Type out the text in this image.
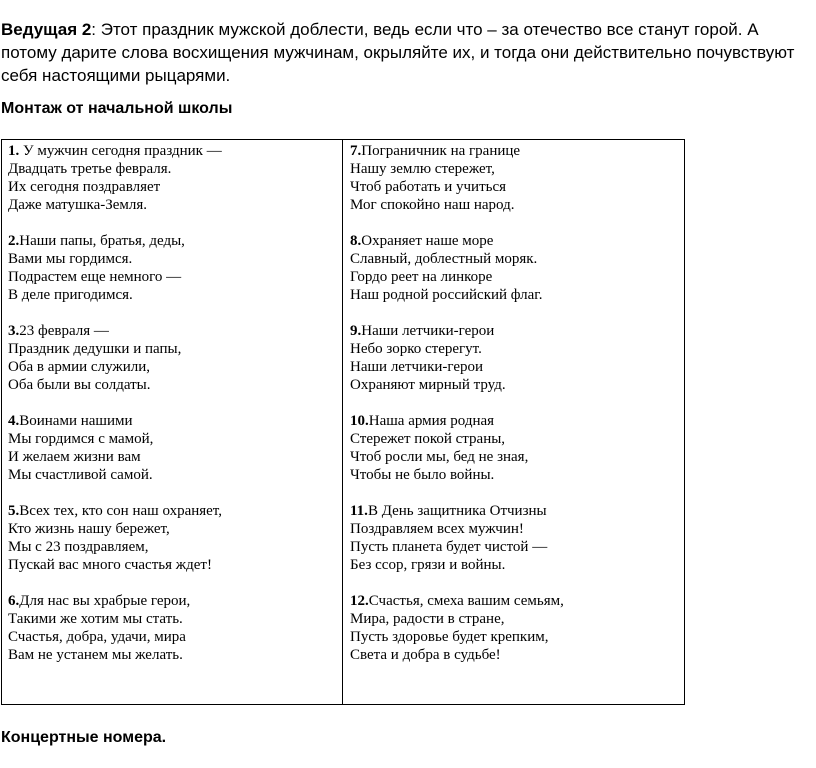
Ведущая 2: Этот праздник мужской доблести, ведь если что – за отечество все станут горой. А потому дарите слова восхищения мужчинам, окрыляйте их, и тогда они действительно почувствуют себя настоящими рыцарями.

Монтаж от начальной школы

1. У мужчин сегодня праздник —
Двадцать третье февраля.
Их сегодня поздравляет
Даже матушка-Земля.

2.Наши папы, братья, деды,
Вами мы гордимся.
Подрастем еще немного —
В деле пригодимся.

3.23 февраля —
Праздник дедушки и папы,
Оба в армии служили,
Оба были вы солдаты.

4.Воинами нашими
Мы гордимся с мамой,
И желаем жизни вам
Мы счастливой самой.

5.Всех тех, кто сон наш охраняет,
Кто жизнь нашу бережет,
Мы с 23 поздравляем,
Пускай вас много счастья ждет!

6.Для нас вы храбрые герои,
Такими же хотим мы стать.
Счастья, добра, удачи, мира
Вам не устанем мы желать.

7.Пограничник на границе
Нашу землю стережет,
Чтоб работать и учиться
Мог спокойно наш народ.

8.Охраняет наше море
Славный, доблестный моряк.
Гордо реет на линкоре
Наш родной российский флаг.

9.Наши летчики-герои
Небо зорко стерегут.
Наши летчики-герои
Охраняют мирный труд.

10.Наша армия родная
Стережет покой страны,
Чтоб росли мы, бед не зная,
Чтобы не было войны.

11.В День защитника Отчизны
Поздравляем всех мужчин!
Пусть планета будет чистой —
Без ссор, грязи и войны.

12.Счастья, смеха вашим семьям,
Мира, радости в стране,
Пусть здоровье будет крепким,
Света и добра в судьбе!

Концертные номера.
